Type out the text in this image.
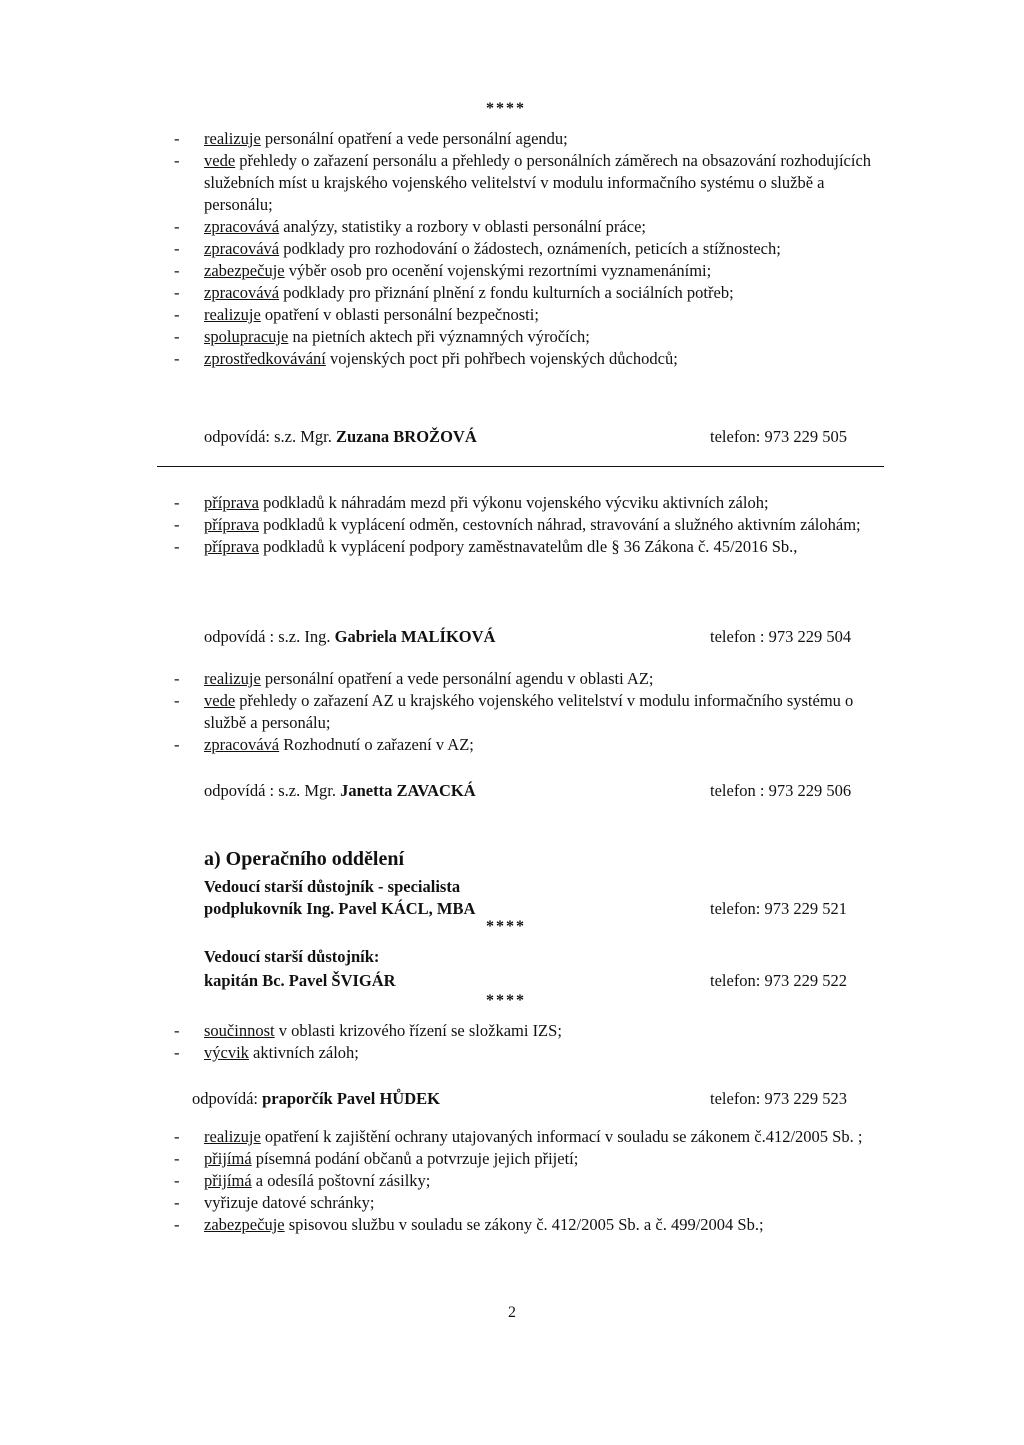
****
- realizuje personální opatření a vede personální agendu;
- vede přehledy o zařazení personálu a přehledy o personálních záměrech na obsazování rozhodujících služebních míst u krajského vojenského velitelství v modulu informačního systému o službě a personálu;
- zpracovává analýzy, statistiky a rozbory v oblasti personální práce;
- zpracovává podklady pro rozhodování o žádostech, oznámeních, peticích a stížnostech;
- zabezpečuje výběr osob pro ocenění vojenskými rezortními vyznamenáními;
- zpracovává podklady pro přiznání plnění z fondu kulturních a sociálních potřeb;
- realizuje opatření v oblasti personální bezpečnosti;
- spolupracuje na pietních aktech při významných výročích;
- zprostředkovávání vojenských poct při pohřbech vojenských důchodců;
odpovídá: s.z. Mgr. Zuzana BROŽOVÁ	telefon: 973 229 505
- příprava podkladů k náhradám mezd při výkonu vojenského výcviku aktivních záloh;
- příprava podkladů k vyplácení odměn, cestovních náhrad, stravování a služného aktivním zálohám;
- příprava podkladů k vyplácení podpory zaměstnavatelům dle § 36 Zákona č. 45/2016 Sb.,
odpovídá : s.z. Ing. Gabriela MALÍKOVÁ	telefon : 973 229 504
- realizuje personální opatření a vede personální agendu v oblasti AZ;
- vede přehledy o zařazení AZ u krajského vojenského velitelství v modulu informačního systému o službě a personálu;
- zpracovává Rozhodnutí o zařazení v AZ;
odpovídá : s.z. Mgr. Janetta ZAVACKÁ	telefon : 973 229 506
a) Operačního oddělení
Vedoucí starší důstojník - specialista
podplukovník Ing. Pavel KÁCL, MBA	telefon: 973 229 521
****
Vedoucí starší důstojník:
kapitán Bc. Pavel ŠVIGÁR	telefon: 973 229 522
****
- součinnost v oblasti krizového řízení se složkami IZS;
- výcvik aktivních záloh;
odpovídá: praporčík Pavel HŮDEK	telefon: 973 229 523
- realizuje opatření k zajištění ochrany utajovaných informací v souladu se zákonem č.412/2005 Sb. ;
- přijímá písemná podání občanů a potvrzuje jejich přijetí;
- přijímá a odesílá poštovní zásilky;
- vyřizuje datové schránky;
- zabezpečuje spisovou službu v souladu se zákony č. 412/2005 Sb. a č. 499/2004 Sb.;
2
